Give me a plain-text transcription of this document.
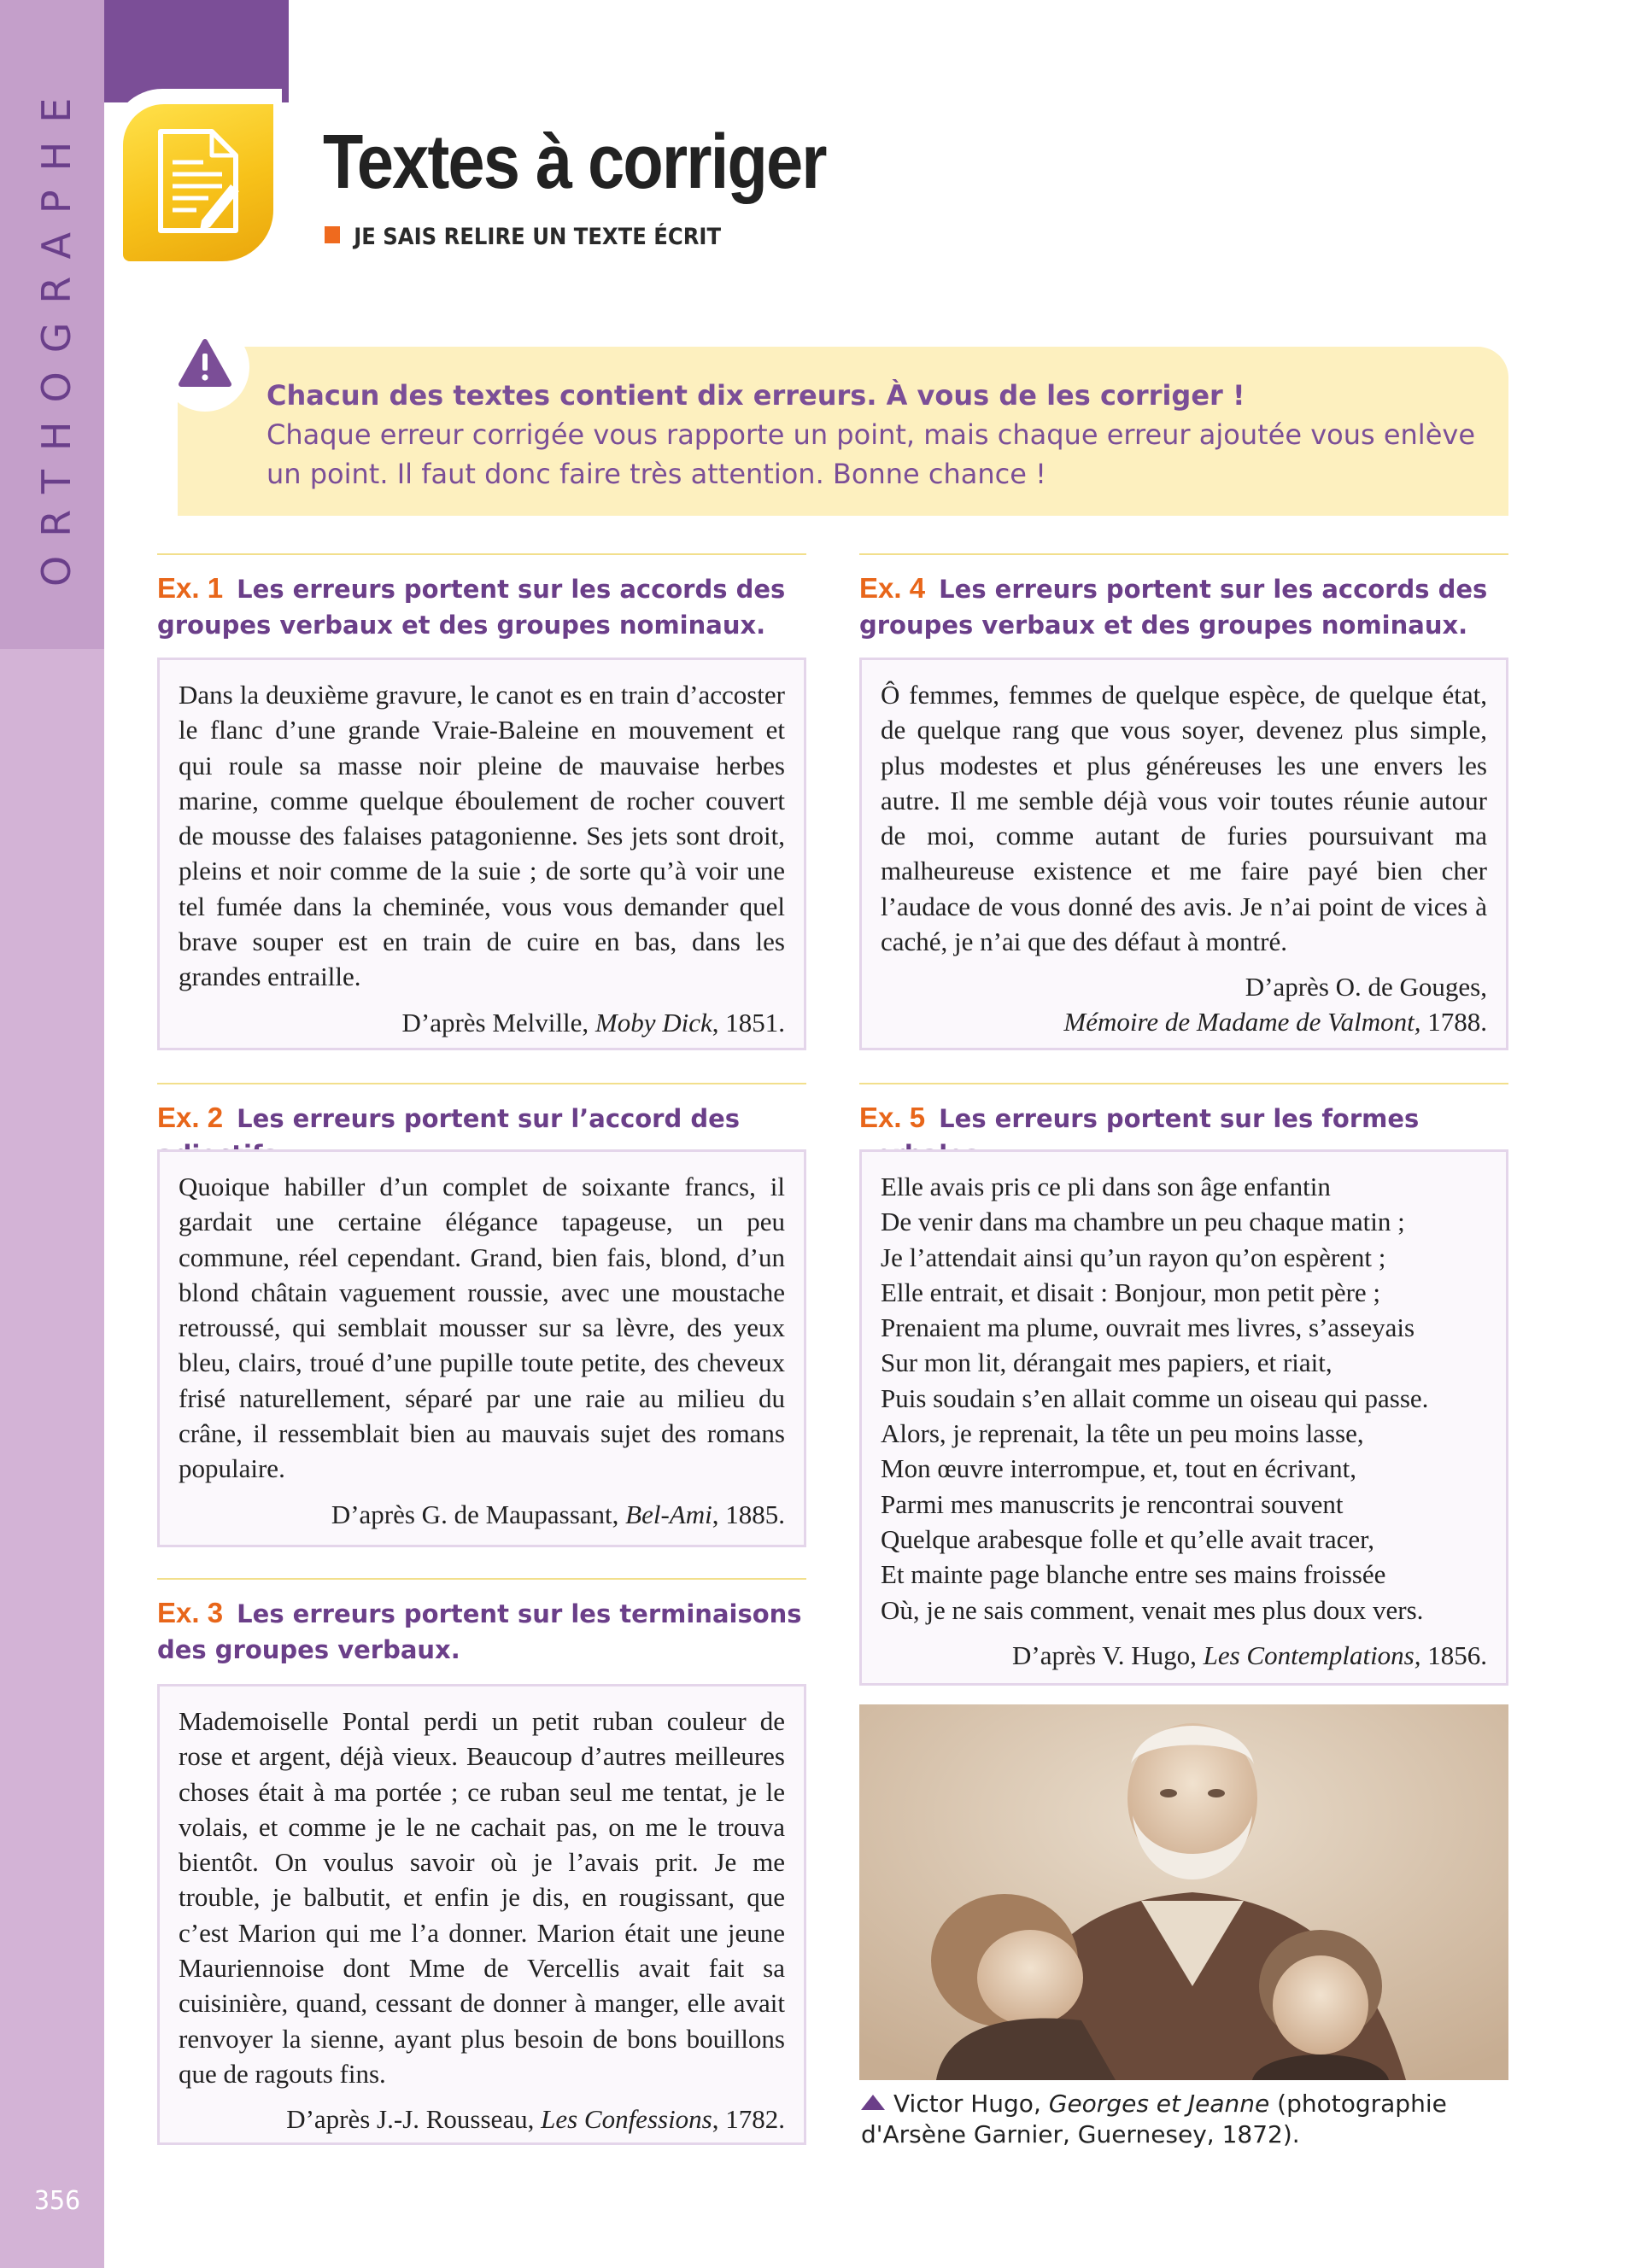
ORTHOGRAPHE
356
Textes à corriger
JE SAIS RELIRE UN TEXTE ÉCRIT
Chacun des textes contient dix erreurs. À vous de les corriger !
Chaque erreur corrigée vous rapporte un point, mais chaque erreur ajoutée vous enlève un point. Il faut donc faire très attention. Bonne chance !
Ex. 1 Les erreurs portent sur les accords des groupes verbaux et des groupes nominaux.
Dans la deuxième gravure, le canot es en train d’accoster le flanc d’une grande Vraie-Baleine en mouvement et qui roule sa masse noir pleine de mauvaise herbes marine, comme quelque éboulement de rocher couvert de mousse des falaises patagonienne. Ses jets sont droit, pleins et noir comme de la suie ; de sorte qu’à voir une tel fumée dans la cheminée, vous vous demander quel brave souper est en train de cuire en bas, dans les grandes entraille.
D’après Melville, Moby Dick, 1851.
Ex. 2 Les erreurs portent sur l’accord des
Quoique habiller d’un complet de soixante francs, il gardait une certaine élégance tapageuse, un peu commune, réel cependant. Grand, bien fais, blond, d’un blond châtain vaguement roussie, avec une moustache retroussé, qui semblait mousser sur sa lèvre, des yeux bleu, clairs, troué d’une pupille toute petite, des cheveux frisé naturellement, séparé par une raie au milieu du crâne, il ressemblait bien au mauvais sujet des romans populaire.
D’après G. de Maupassant, Bel-Ami, 1885.
Ex. 3 Les erreurs portent sur les terminaisons des groupes verbaux.
Mademoiselle Pontal perdi un petit ruban couleur de rose et argent, déjà vieux. Beaucoup d’autres meilleures choses était à ma portée ; ce ruban seul me tentat, je le volais, et comme je le ne cachait pas, on me le trouva bientôt. On voulus savoir où je l’avais prit. Je me trouble, je balbutit, et enfin je dis, en rougissant, que c’est Marion qui me l’a donner. Marion était une jeune Mauriennoise dont Mme de Vercellis avait fait sa cuisinière, quand, cessant de donner à manger, elle avait renvoyer la sienne, ayant plus besoin de bons bouillons que de ragouts fins.
D’après J.-J. Rousseau, Les Confessions, 1782.
Ex. 4 Les erreurs portent sur les accords des groupes verbaux et des groupes nominaux.
Ô femmes, femmes de quelque espèce, de quelque état, de quelque rang que vous soyer, devenez plus simple, plus modestes et plus généreuses les une envers les autre. Il me semble déjà vous voir toutes réunie autour de moi, comme autant de furies poursuivant ma malheureuse existence et me faire payé bien cher l’audace de vous donné des avis. Je n’ai point de vices à caché, je n’ai que des défaut à montré.
D’après O. de Gouges,
Mémoire de Madame de Valmont, 1788.
Ex. 5 Les erreurs portent sur les formes
Elle avais pris ce pli dans son âge enfantin
De venir dans ma chambre un peu chaque matin ;
Je l’attendait ainsi qu’un rayon qu’on espèrent ;
Elle entrait, et disait : Bonjour, mon petit père ;
Prenaient ma plume, ouvrait mes livres, s’asseyais
Sur mon lit, dérangait mes papiers, et riait,
Puis soudain s’en allait comme un oiseau qui passe.
Alors, je reprenait, la tête un peu moins lasse,
Mon œuvre interrompue, et, tout en écrivant,
Parmi mes manuscrits je rencontrai souvent
Quelque arabesque folle et qu’elle avait tracer,
Et mainte page blanche entre ses mains froissée
Où, je ne sais comment, venait mes plus doux vers.
D’après V. Hugo, Les Contemplations, 1856.
Victor Hugo, Georges et Jeanne (photographie d'Arsène Garnier, Guernesey, 1872).
